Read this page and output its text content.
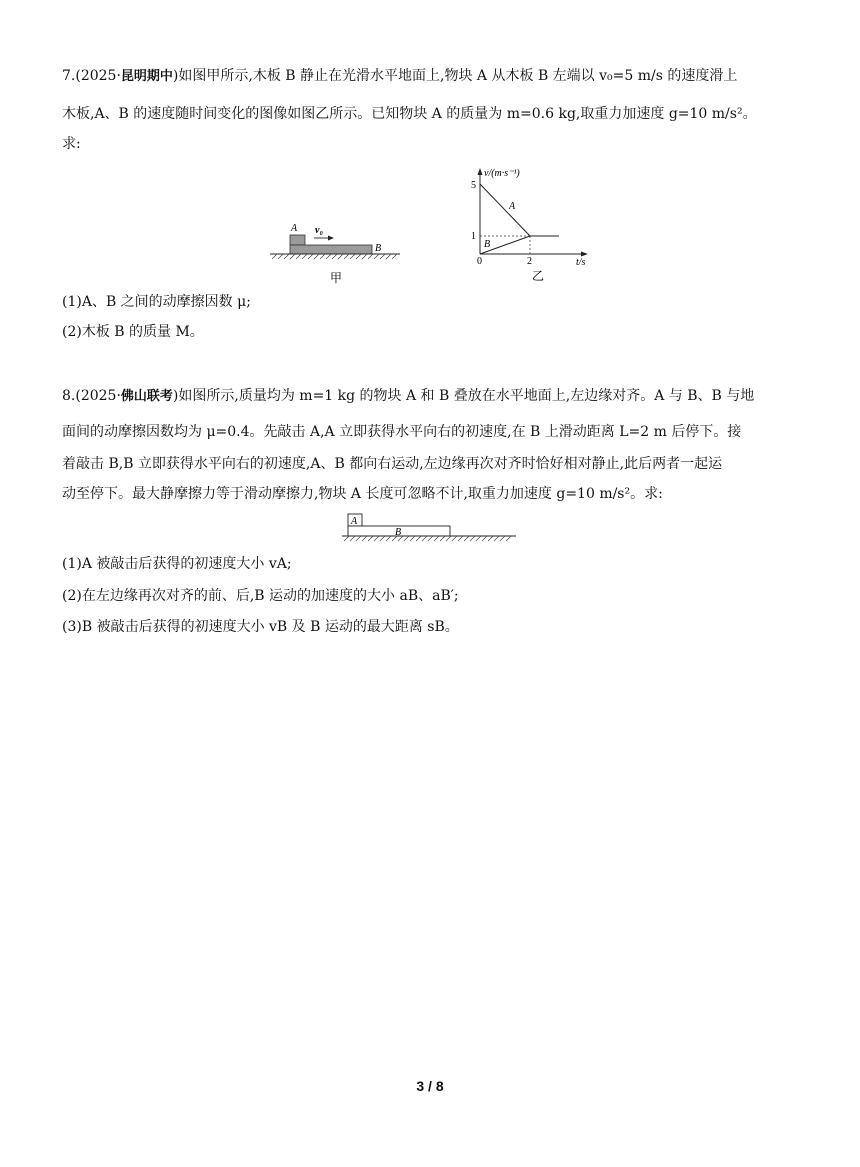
7.(2025·昆明期中)如图甲所示,木板 B 静止在光滑水平地面上,物块 A 从木板 B 左端以 v₀=5 m/s 的速度滑上
木板,A、B 的速度随时间变化的图像如图乙所示。已知物块 A 的质量为 m=0.6 kg,取重力加速度 g=10 m/s²。
求:
A v₀
B
甲
v/(m·s⁻¹)
5
1
0	2	t/s
A
B
乙
(1)A、B 之间的动摩擦因数 μ;
(2)木板 B 的质量 M。
8.(2025·佛山联考)如图所示,质量均为 m=1 kg 的物块 A 和 B 叠放在水平地面上,左边缘对齐。A 与 B、B 与地
面间的动摩擦因数均为 μ=0.4。先敲击 A,A 立即获得水平向右的初速度,在 B 上滑动距离 L=2 m 后停下。接
着敲击 B,B 立即获得水平向右的初速度,A、B 都向右运动,左边缘再次对齐时恰好相对静止,此后两者一起运
动至停下。最大静摩擦力等于滑动摩擦力,物块 A 长度可忽略不计,取重力加速度 g=10 m/s²。求:
A
B
(1)A 被敲击后获得的初速度大小 vA;
(2)在左边缘再次对齐的前、后,B 运动的加速度的大小 aB、aB′;
(3)B 被敲击后获得的初速度大小 vB 及 B 运动的最大距离 sB。
3 / 8
